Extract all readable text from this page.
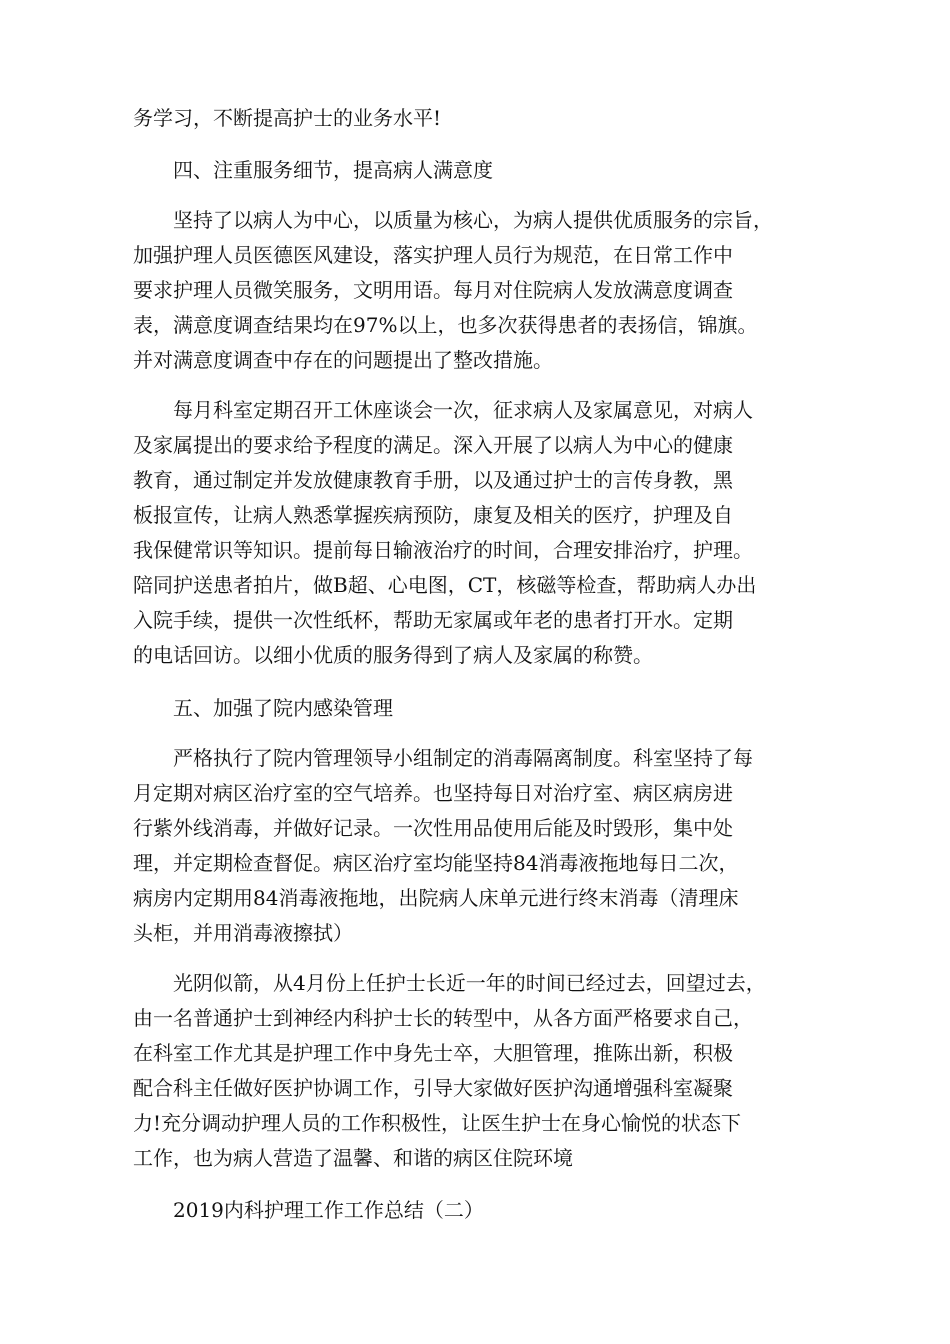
务学习，不断提高护士的业务水平!
四、注重服务细节，提高病人满意度
坚持了以病人为中心，以质量为核心，为病人提供优质服务的宗旨，
加强护理人员医德医风建设，落实护理人员行为规范，在日常工作中
要求护理人员微笑服务，文明用语。每月对住院病人发放满意度调查
表，满意度调查结果均在97%以上，也多次获得患者的表扬信，锦旗。
并对满意度调查中存在的问题提出了整改措施。
每月科室定期召开工休座谈会一次，征求病人及家属意见，对病人
及家属提出的要求给予程度的满足。深入开展了以病人为中心的健康
教育，通过制定并发放健康教育手册，以及通过护士的言传身教，黑
板报宣传，让病人熟悉掌握疾病预防，康复及相关的医疗，护理及自
我保健常识等知识。提前每日输液治疗的时间，合理安排治疗，护理。
陪同护送患者拍片，做B超、心电图，CT，核磁等检查，帮助病人办出
入院手续，提供一次性纸杯，帮助无家属或年老的患者打开水。定期
的电话回访。以细小优质的服务得到了病人及家属的称赞。
五、加强了院内感染管理
严格执行了院内管理领导小组制定的消毒隔离制度。科室坚持了每
月定期对病区治疗室的空气培养。也坚持每日对治疗室、病区病房进
行紫外线消毒，并做好记录。一次性用品使用后能及时毁形，集中处
理，并定期检查督促。病区治疗室均能坚持84消毒液拖地每日二次，
病房内定期用84消毒液拖地，出院病人床单元进行终末消毒（清理床
头柜，并用消毒液擦拭）
光阴似箭，从4月份上任护士长近一年的时间已经过去，回望过去，
由一名普通护士到神经内科护士长的转型中，从各方面严格要求自己，
在科室工作尤其是护理工作中身先士卒，大胆管理，推陈出新，积极
配合科主任做好医护协调工作，引导大家做好医护沟通增强科室凝聚
力!充分调动护理人员的工作积极性，让医生护士在身心愉悦的状态下
工作，也为病人营造了温馨、和谐的病区住院环境
2019内科护理工作工作总结（二）
